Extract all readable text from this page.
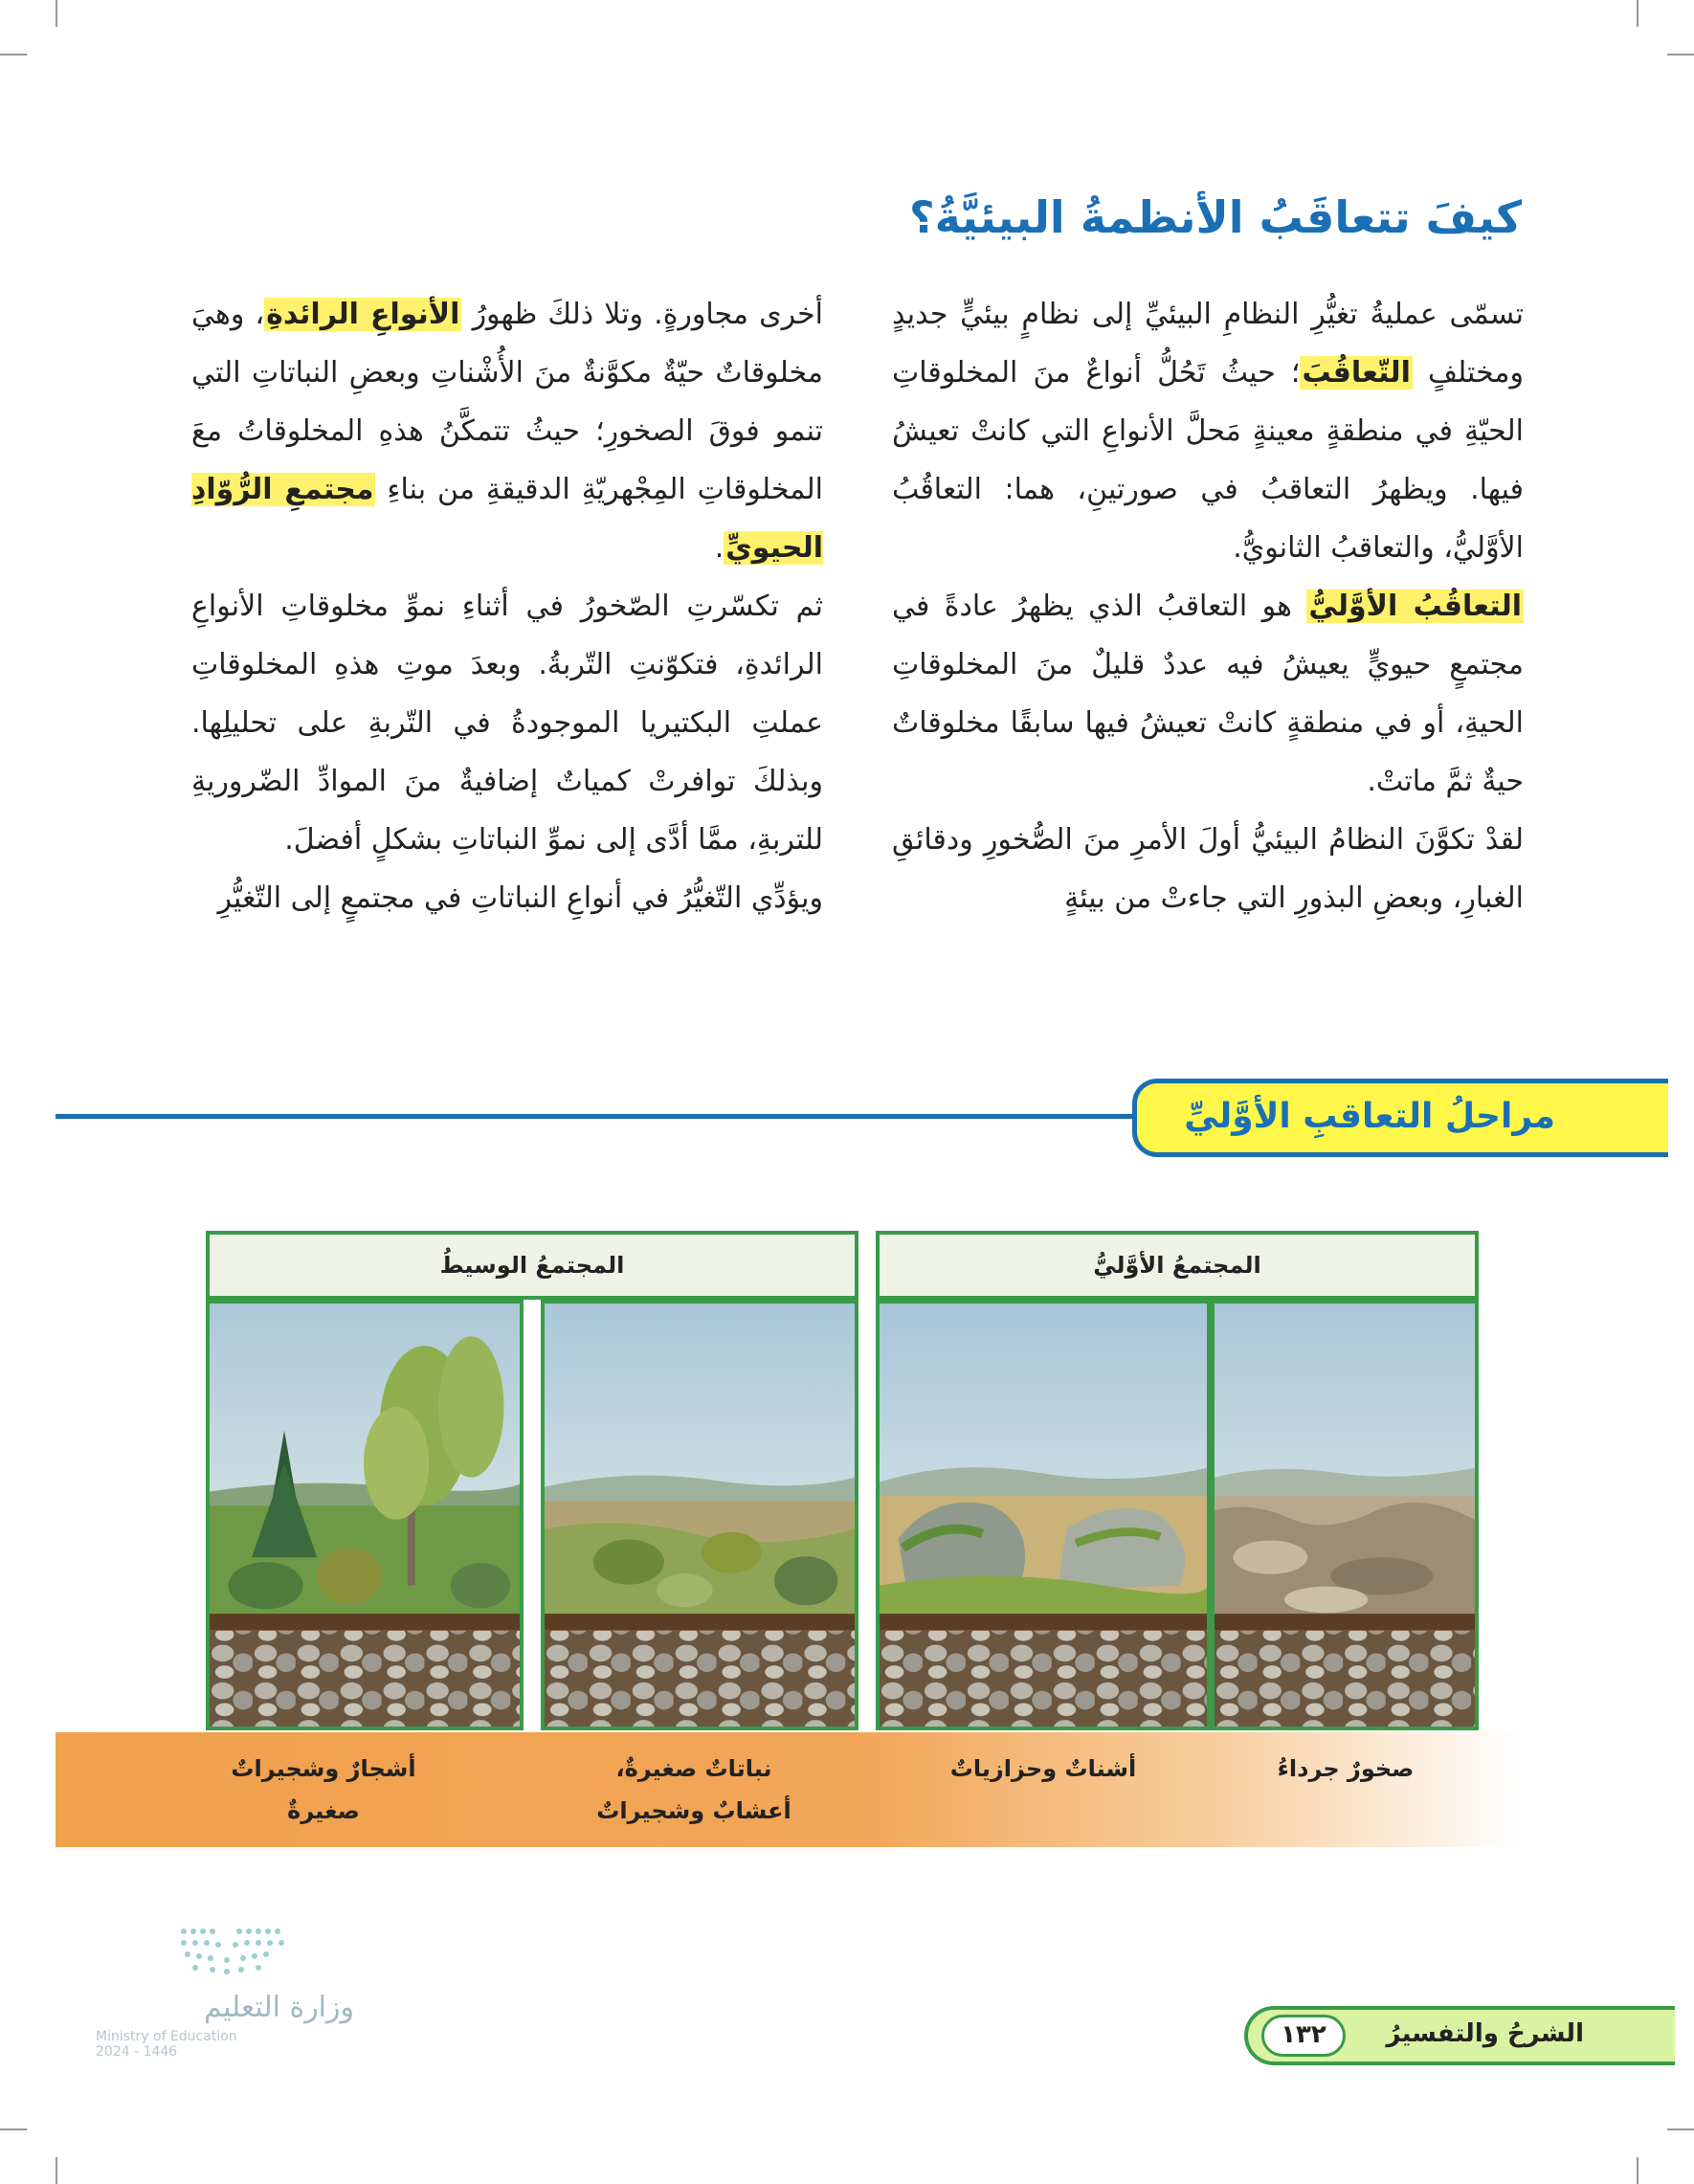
كيفَ تتعاقَبُ الأنظمةُ البيئيَّةُ؟

تسمّى عمليةُ تغيُّرِ النظامِ البيئيِّ إلى نظامٍ بيئيٍّ جديدٍ ومختلفٍ التّعاقُبَ؛ حيثُ تَحُلُّ أنواعٌ منَ المخلوقاتِ الحيّةِ في منطقةٍ معينةٍ مَحلَّ الأنواعِ التي كانتْ تعيشُ فيها. ويظهرُ التعاقبُ في صورتينِ، هما: التعاقُبُ الأوَّليُّ، والتعاقبُ الثانويُّ.

التعاقُبُ الأوَّليُّ هو التعاقبُ الذي يظهرُ عادةً في مجتمعٍ حيويٍّ يعيشُ فيه عددٌ قليلٌ منَ المخلوقاتِ الحيةِ، أو في منطقةٍ كانتْ تعيشُ فيها سابقًا مخلوقاتٌ حيةٌ ثمَّ ماتتْ.

لقدْ تكوَّنَ النظامُ البيئيُّ أولَ الأمرِ منَ الصُّخورِ ودقائقِ الغبارِ، وبعضِ البذورِ التي جاءتْ من بيئةٍ

أخرى مجاورةٍ. وتلا ذلكَ ظهورُ الأنواعِ الرائدةِ، وهيَ مخلوقاتٌ حيّةٌ مكوَّنةٌ منَ الأُشْناتِ وبعضِ النباتاتِ التي تنمو فوقَ الصخورِ؛ حيثُ تتمكَّنُ هذهِ المخلوقاتُ معَ المخلوقاتِ المِجْهريّةِ الدقيقةِ من بناءِ مجتمعِ الرُّوّادِ الحيويِّ.

ثم تكسّرتِ الصّخورُ في أثناءِ نموِّ مخلوقاتِ الأنواعِ الرائدةِ، فتكوّنتِ التّربةُ. وبعدَ موتِ هذهِ المخلوقاتِ عملتِ البكتيريا الموجودةُ في التّربةِ على تحليلِها. وبذلكَ توافرتْ كمياتٌ إضافيةٌ منَ الموادِّ الضّروريةِ للتربةِ، ممَّا أدَّى إلى نموِّ النباتاتِ بشكلٍ أفضلَ.

ويؤدِّي التّغيُّرُ في أنواعِ النباتاتِ في مجتمعٍ إلى التّغيُّرِ

مراحلُ التعاقبِ الأوَّليِّ
المجتمعُ الأوَّليُّ
المجتمعُ الوسيطُ
صخورٌ جرداءُ
أشناتٌ وحزازياتٌ
نباتاتٌ صغيرةٌ،
أعشابٌ وشجيراتٌ
أشجارٌ وشجيراتٌ
صغيرةٌ
وزارة التعليم
Ministry of Education
2024 - 1446
الشرحُ والتفسيرُ
١٣٢
